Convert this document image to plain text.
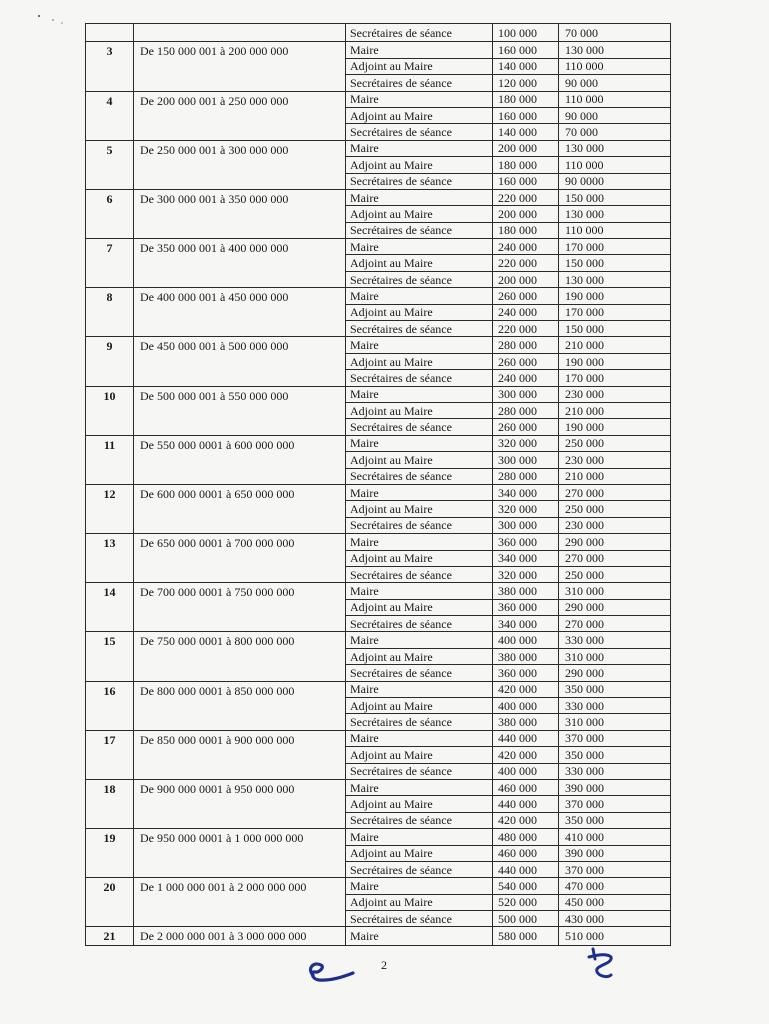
		Secrétaires de séance	100 000	70 000
3	De 150 000 001 à 200 000 000	Maire	160 000	130 000
		Adjoint au Maire	140 000	110 000
		Secrétaires de séance	120 000	90 000
4	De 200 000 001 à 250 000 000	Maire	180 000	110 000
		Adjoint au Maire	160 000	90 000
		Secrétaires de séance	140 000	70 000
5	De 250 000 001 à 300 000 000	Maire	200 000	130 000
		Adjoint au Maire	180 000	110 000
		Secrétaires de séance	160 000	90 0000
6	De 300 000 001 à 350 000 000	Maire	220 000	150 000
		Adjoint au Maire	200 000	130 000
		Secrétaires de séance	180 000	110 000
7	De 350 000 001 à 400 000 000	Maire	240 000	170 000
		Adjoint au Maire	220 000	150 000
		Secrétaires de séance	200 000	130 000
8	De 400 000 001 à 450 000 000	Maire	260 000	190 000
		Adjoint au Maire	240 000	170 000
		Secrétaires de séance	220 000	150 000
9	De 450 000 001 à 500 000 000	Maire	280 000	210 000
		Adjoint au Maire	260 000	190 000
		Secrétaires de séance	240 000	170 000
10	De 500 000 001 à 550 000 000	Maire	300 000	230 000
		Adjoint au Maire	280 000	210 000
		Secrétaires de séance	260 000	190 000
11	De 550 000 0001 à 600 000 000	Maire	320 000	250 000
		Adjoint au Maire	300 000	230 000
		Secrétaires de séance	280 000	210 000
12	De 600 000 0001 à 650 000 000	Maire	340 000	270 000
		Adjoint au Maire	320 000	250 000
		Secrétaires de séance	300 000	230 000
13	De 650 000 0001 à 700 000 000	Maire	360 000	290 000
		Adjoint au Maire	340 000	270 000
		Secrétaires de séance	320 000	250 000
14	De 700 000 0001 à 750 000 000	Maire	380 000	310 000
		Adjoint au Maire	360 000	290 000
		Secrétaires de séance	340 000	270 000
15	De 750 000 0001 à 800 000 000	Maire	400 000	330 000
		Adjoint au Maire	380 000	310 000
		Secrétaires de séance	360 000	290 000
16	De 800 000 0001 à 850 000 000	Maire	420 000	350 000
		Adjoint au Maire	400 000	330 000
		Secrétaires de séance	380 000	310 000
17	De 850 000 0001 à 900 000 000	Maire	440 000	370 000
		Adjoint au Maire	420 000	350 000
		Secrétaires de séance	400 000	330 000
18	De 900 000 0001 à 950 000 000	Maire	460 000	390 000
		Adjoint au Maire	440 000	370 000
		Secrétaires de séance	420 000	350 000
19	De 950 000 0001 à 1 000 000 000	Maire	480 000	410 000
		Adjoint au Maire	460 000	390 000
		Secrétaires de séance	440 000	370 000
20	De 1 000 000 001 à 2 000 000 000	Maire	540 000	470 000
		Adjoint au Maire	520 000	450 000
		Secrétaires de séance	500 000	430 000
21	De 2 000 000 001 à 3 000 000 000	Maire	580 000	510 000
2
